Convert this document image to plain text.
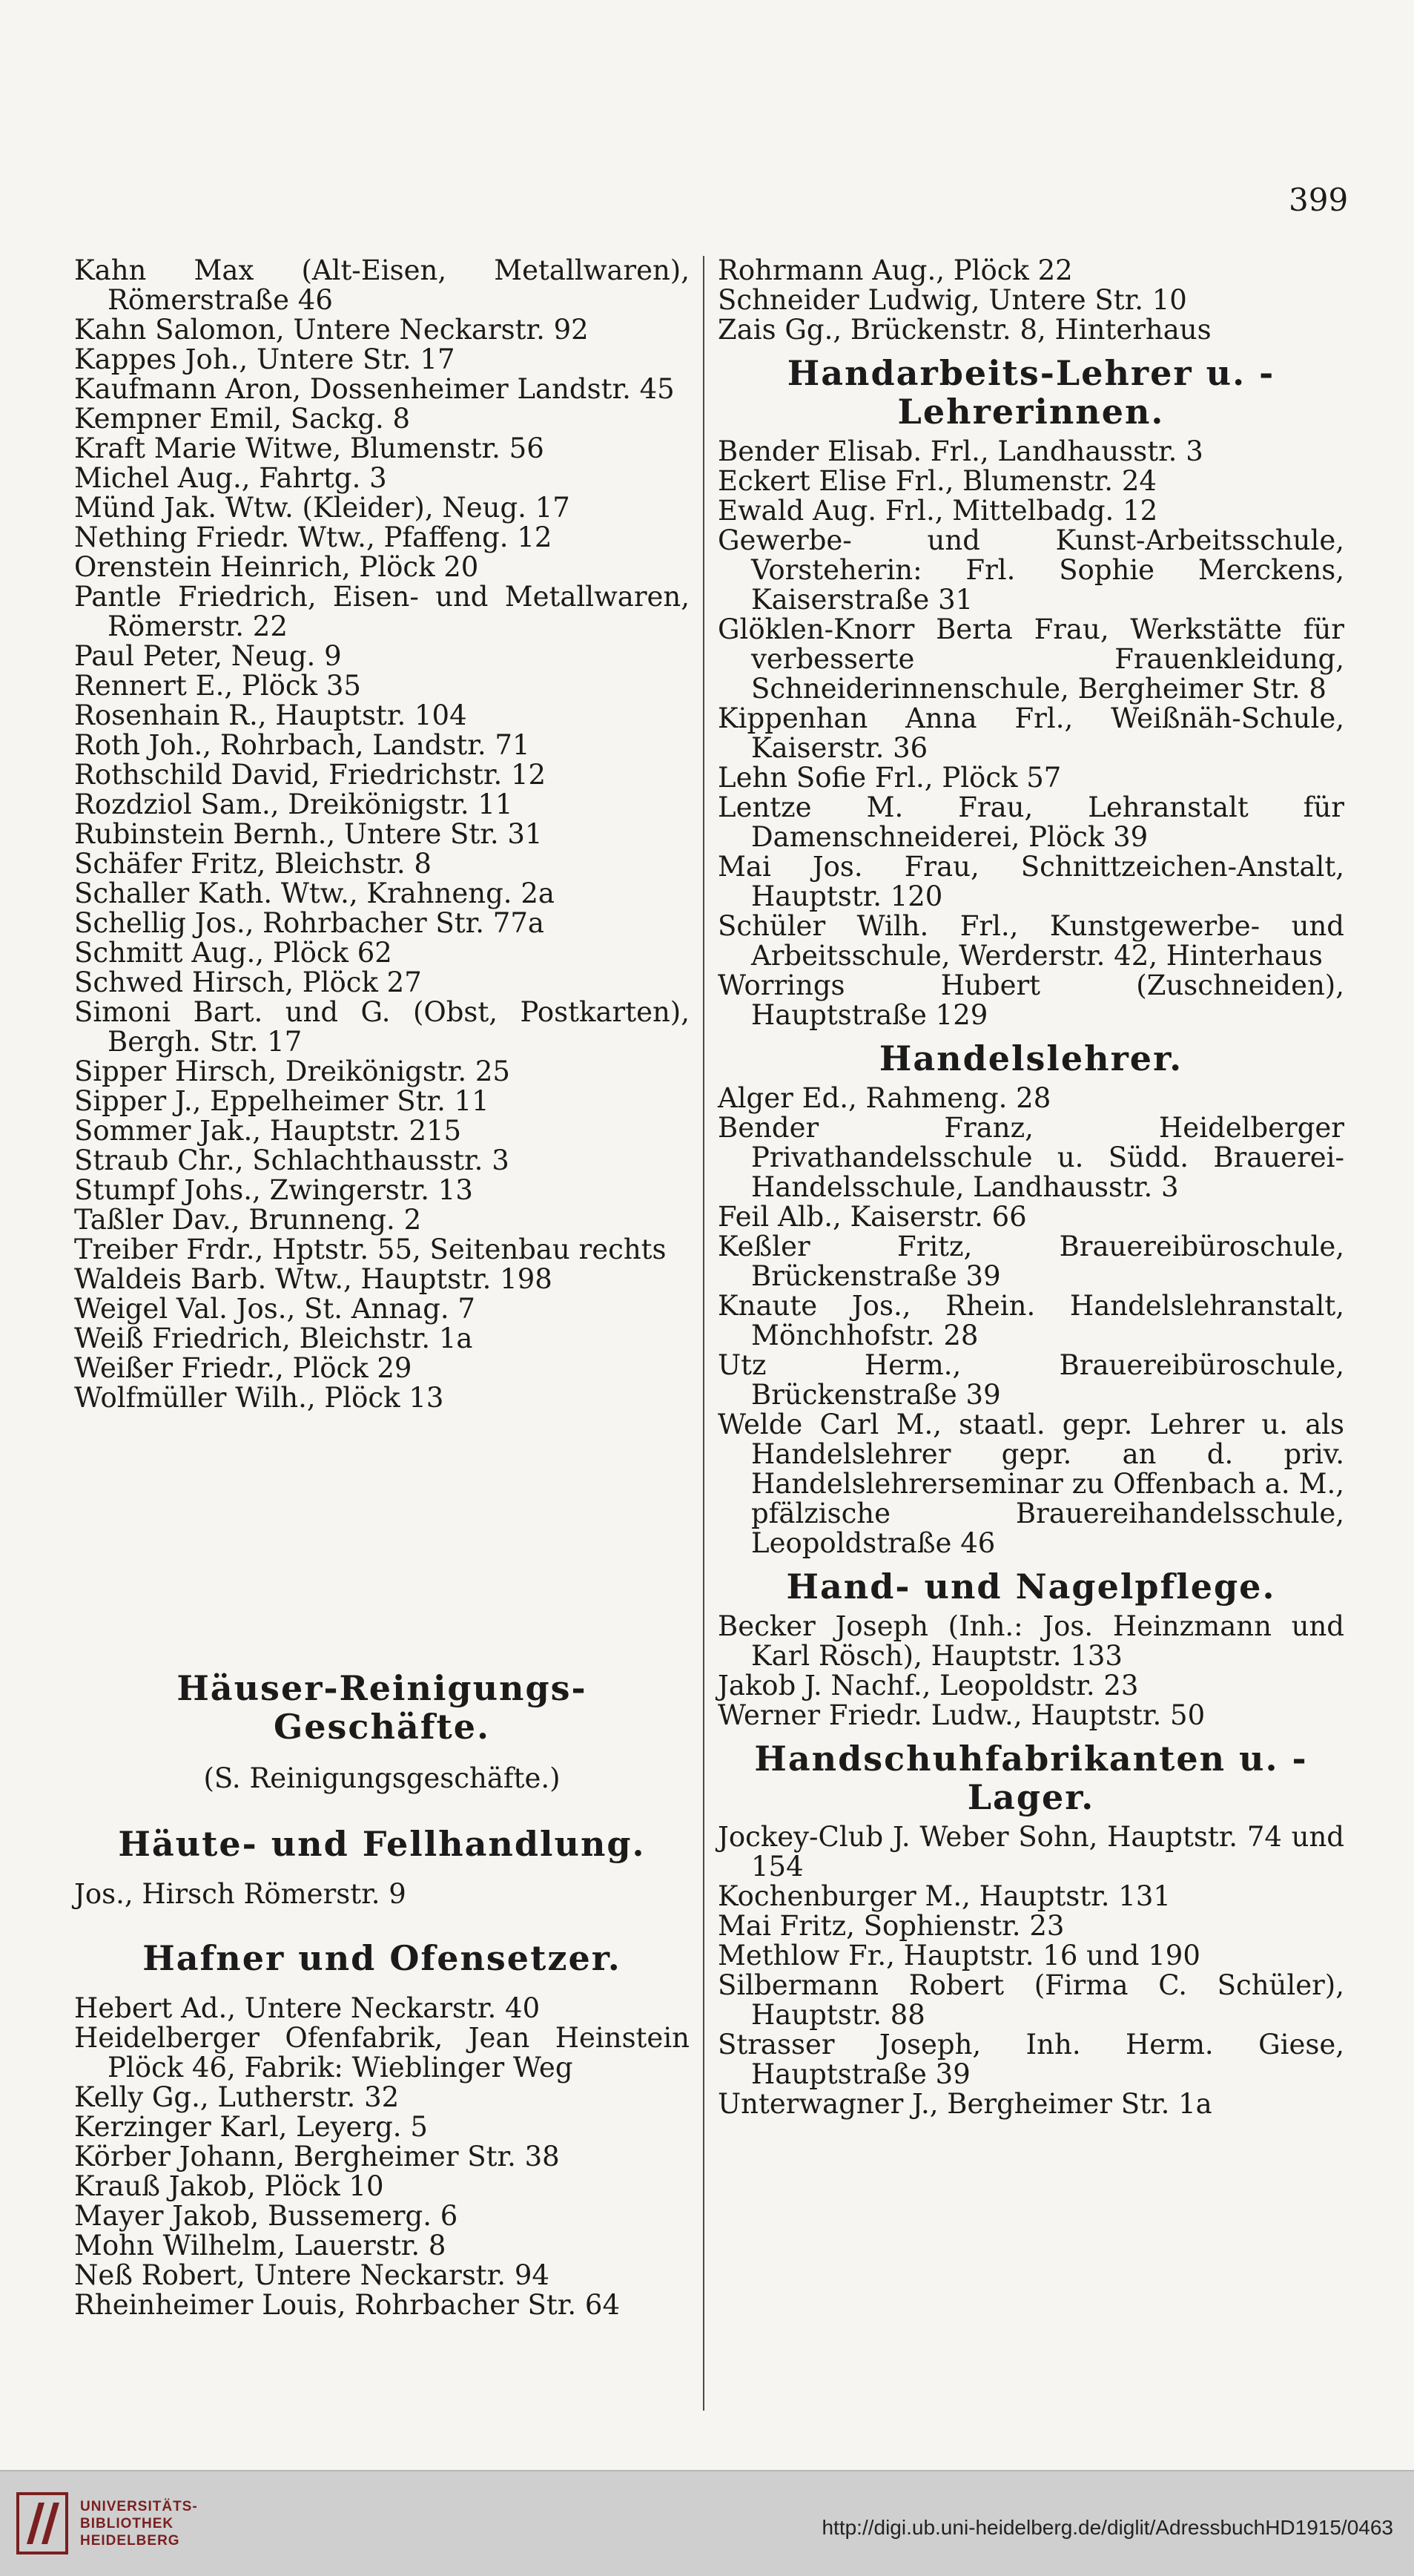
399

Kahn Max (Alt-Eisen, Metallwaren), Römerstraße 46

Kahn Salomon, Untere Neckarstr. 92

Kappes Joh., Untere Str. 17

Kaufmann Aron, Dossenheimer Landstr. 45

Kempner Emil, Sackg. 8

Kraft Marie Witwe, Blumenstr. 56

Michel Aug., Fahrtg. 3

Münd Jak. Wtw. (Kleider), Neug. 17

Nething Friedr. Wtw., Pfaffeng. 12

Orenstein Heinrich, Plöck 20

Pantle Friedrich, Eisen- und Metallwaren, Römerstr. 22

Paul Peter, Neug. 9

Rennert E., Plöck 35

Rosenhain R., Hauptstr. 104

Roth Joh., Rohrbach, Landstr. 71

Rothschild David, Friedrichstr. 12

Rozdziol Sam., Dreikönigstr. 11

Rubinstein Bernh., Untere Str. 31

Schäfer Fritz, Bleichstr. 8

Schaller Kath. Wtw., Krahneng. 2a

Schellig Jos., Rohrbacher Str. 77a

Schmitt Aug., Plöck 62

Schwed Hirsch, Plöck 27

Simoni Bart. und G. (Obst, Postkarten), Bergh. Str. 17

Sipper Hirsch, Dreikönigstr. 25

Sipper J., Eppelheimer Str. 11

Sommer Jak., Hauptstr. 215

Straub Chr., Schlachthausstr. 3

Stumpf Johs., Zwingerstr. 13

Taßler Dav., Brunneng. 2

Treiber Frdr., Hptstr. 55, Seitenbau rechts

Waldeis Barb. Wtw., Hauptstr. 198

Weigel Val. Jos., St. Annag. 7

Weiß Friedrich, Bleichstr. 1a

Weißer Friedr., Plöck 29

Wolfmüller Wilh., Plöck 13

Häuser-Reinigungs-Geschäfte.
(S. Reinigungsgeschäfte.)
Häute- und Fellhandlung.

Jos., Hirsch Römerstr. 9

Hafner und Ofensetzer.

Hebert Ad., Untere Neckarstr. 40

Heidelberger Ofenfabrik, Jean Heinstein Plöck 46, Fabrik: Wieblinger Weg

Kelly Gg., Lutherstr. 32

Kerzinger Karl, Leyerg. 5

Körber Johann, Bergheimer Str. 38

Krauß Jakob, Plöck 10

Mayer Jakob, Bussemerg. 6

Mohn Wilhelm, Lauerstr. 8

Neß Robert, Untere Neckarstr. 94

Rheinheimer Louis, Rohrbacher Str. 64

Rohrmann Aug., Plöck 22

Schneider Ludwig, Untere Str. 10

Zais Gg., Brückenstr. 8, Hinterhaus

Handarbeits-Lehrer u. -Lehrerinnen.

Bender Elisab. Frl., Landhausstr. 3

Eckert Elise Frl., Blumenstr. 24

Ewald Aug. Frl., Mittelbadg. 12

Gewerbe- und Kunst-Arbeitsschule, Vorsteherin: Frl. Sophie Merckens, Kaiserstraße 31

Glöklen-Knorr Berta Frau, Werkstätte für verbesserte Frauenkleidung, Schneiderinnenschule, Bergheimer Str. 8

Kippenhan Anna Frl., Weißnäh-Schule, Kaiserstr. 36

Lehn Sofie Frl., Plöck 57

Lentze M. Frau, Lehranstalt für Damenschneiderei, Plöck 39

Mai Jos. Frau, Schnittzeichen-Anstalt, Hauptstr. 120

Schüler Wilh. Frl., Kunstgewerbe- und Arbeitsschule, Werderstr. 42, Hinterhaus

Worrings Hubert (Zuschneiden), Hauptstraße 129

Handelslehrer.

Alger Ed., Rahmeng. 28

Bender Franz, Heidelberger Privathandelsschule u. Südd. Brauerei-Handelsschule, Landhausstr. 3

Feil Alb., Kaiserstr. 66

Keßler Fritz, Brauereibüroschule, Brückenstraße 39

Knaute Jos., Rhein. Handelslehranstalt, Mönchhofstr. 28

Utz Herm., Brauereibüroschule, Brückenstraße 39

Welde Carl M., staatl. gepr. Lehrer u. als Handelslehrer gepr. an d. priv. Handelslehrerseminar zu Offenbach a. M., pfälzische Brauereihandelsschule, Leopoldstraße 46

Hand- und Nagelpflege.

Becker Joseph (Inh.: Jos. Heinzmann und Karl Rösch), Hauptstr. 133

Jakob J. Nachf., Leopoldstr. 23

Werner Friedr. Ludw., Hauptstr. 50

Handschuhfabrikanten u. -Lager.

Jockey-Club J. Weber Sohn, Hauptstr. 74 und 154

Kochenburger M., Hauptstr. 131

Mai Fritz, Sophienstr. 23

Methlow Fr., Hauptstr. 16 und 190

Silbermann Robert (Firma C. Schüler), Hauptstr. 88

Strasser Joseph, Inh. Herm. Giese, Hauptstraße 39

Unterwagner J., Bergheimer Str. 1a

UNIVERSITÄTS-
BIBLIOTHEK
HEIDELBERG
http://digi.ub.uni-heidelberg.de/diglit/AdressbuchHD1915/0463
